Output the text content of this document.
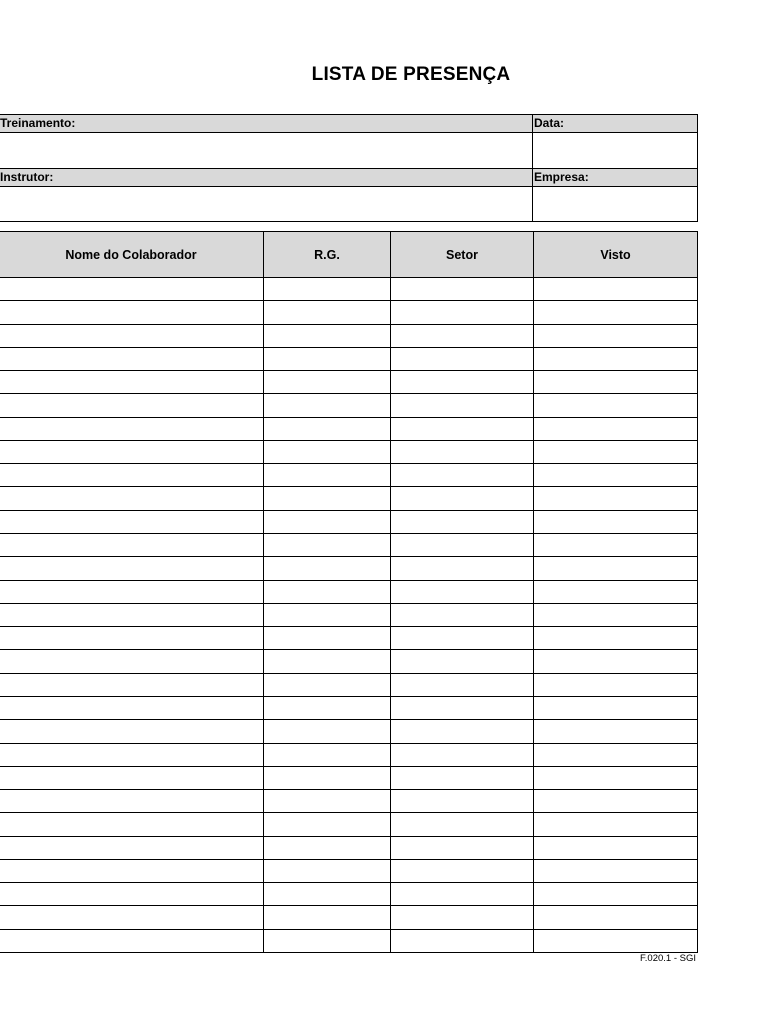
LISTA DE PRESENÇA
Treinamento:	Data:
Instrutor:	Empresa:
Nome do Colaborador	R.G.	Setor	Visto
F.020.1 - SGI
